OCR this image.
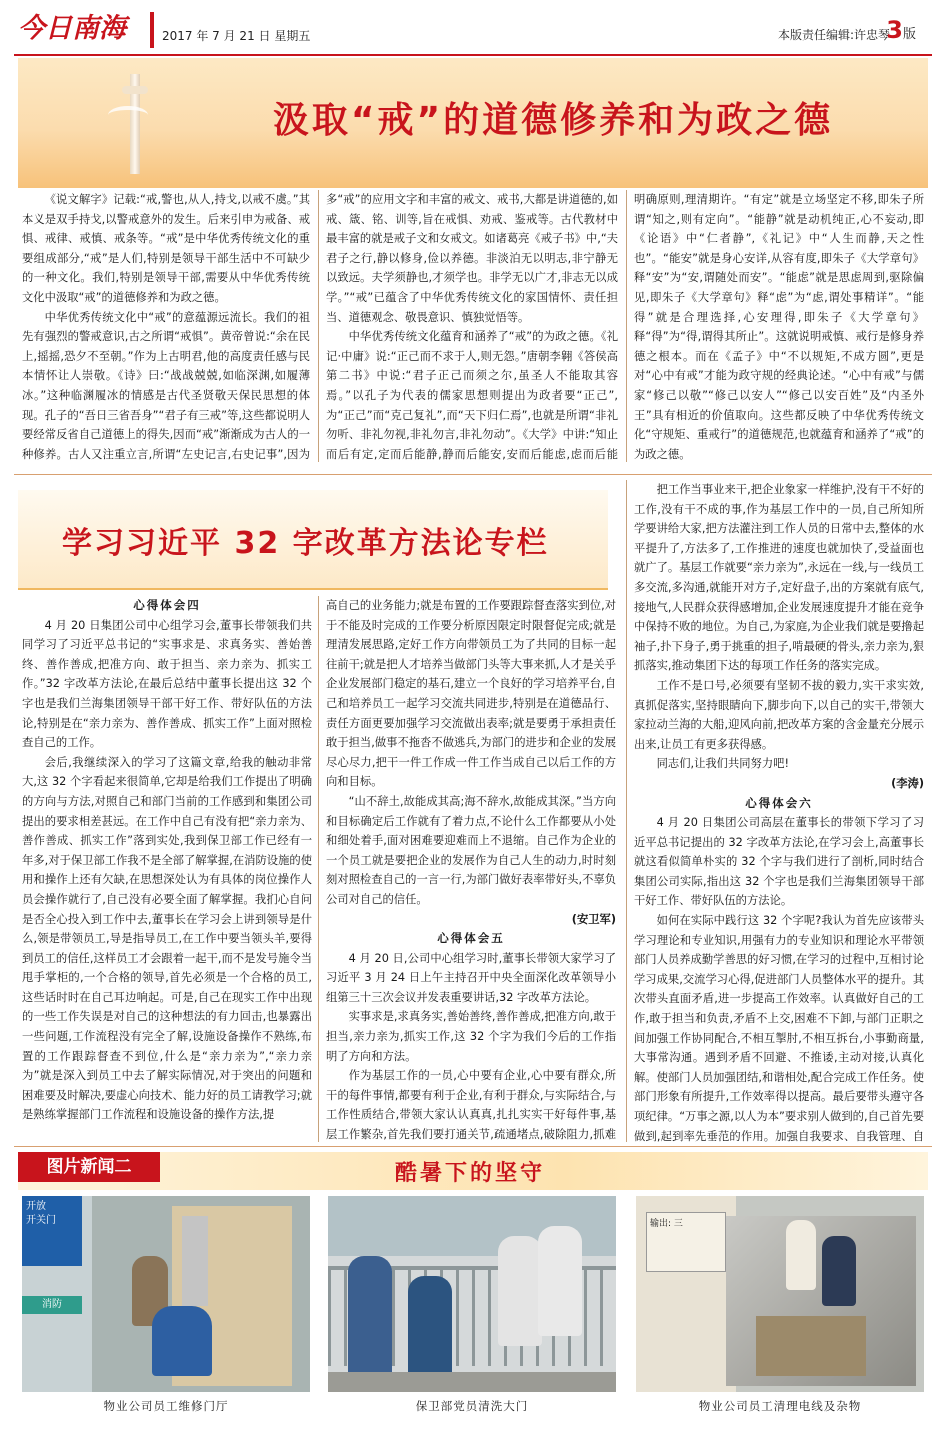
今日南海	2017 年 7 月 21 日 星期五	本版责任编辑:许忠琴
3版
汲取“戒”的道德修养和为政之德

《说文解字》记载:“戒,警也,从人,持戈,以戒不虞。”其本义是双手持戈,以警戒意外的发生。后来引申为戒备、戒惧、戒律、戒慎、戒条等。“戒”是中华优秀传统文化的重要组成部分,“戒”是人们,特别是领导干部生活中不可缺少的一种文化。我们,特别是领导干部,需要从中华优秀传统文化中汲取“戒”的道德修养和为政之德。

中华优秀传统文化中“戒”的意蕴源远流长。我们的祖先有强烈的警戒意识,古之所谓“戒惧”。黄帝曾说:“余在民上,摇摇,恐夕不至朝。”作为上古明君,他的高度责任感与民本情怀让人崇敬。《诗》曰:“战战兢兢,如临深渊,如履薄冰。”这种临渊履冰的情感是古代圣贤敬天保民思想的体现。孔子的“吾日三省吾身”“君子有三戒”等,这些都说明人要经常反省自己道德上的得失,因而“戒”渐渐成为古人的一种修养。古人又注重立言,所谓“左史记言,右史记事”,因为

多“戒”的应用文字和丰富的戒文、戒书,大都是讲道德的,如戒、箴、铭、训等,旨在戒惧、劝戒、鉴戒等。古代教材中最丰富的就是戒子文和女戒文。如诸葛亮《戒子书》中,“夫君子之行,静以修身,俭以养德。非淡泊无以明志,非宁静无以致远。夫学须静也,才须学也。非学无以广才,非志无以成学。”“戒”已蕴含了中华优秀传统文化的家国情怀、责任担当、道德观念、敬畏意识、慎独觉悟等。

中华优秀传统文化蕴育和涵养了“戒”的为政之德。《礼记·中庸》说:“正己而不求于人,则无怨。”唐朝李翱《答侯高第二书》中说:“君子正己而须之尔,虽圣人不能取其容焉。”以孔子为代表的儒家思想则提出为政者要“正己”,为“正己”而“克己复礼”,而“天下归仁焉”,也就是所谓“非礼勿听、非礼勿视,非礼勿言,非礼勿动”。《大学》中讲:“知止而后有定,定而后能静,静而后能安,安而后能虑,虑而后能

明确原则,理清期许。“有定”就是立场坚定不移,即朱子所谓“知之,则有定向”。“能静”就是动机纯正,心不妄动,即《论语》中“仁者静”,《礼记》中“人生而静,天之性也”。“能安”就是身心安详,从容有度,即朱子《大学章句》释“安”为“安,谓随处而安”。“能虑”就是思虑周到,驱除偏见,即朱子《大学章句》释“虑”为“虑,谓处事精详”。“能得”就是合理选择,心安理得,即朱子《大学章句》释“得”为“得,谓得其所止”。这就说明戒慎、戒行是修身养德之根本。而在《孟子》中“不以规矩,不成方圆”,更是对“心中有戒”才能为政守规的经典论述。“心中有戒”与儒家“修己以敬”“修己以安人”“修己以安百姓”及“内圣外王”具有相近的价值取向。这些都反映了中华优秀传统文化“守规矩、重戒行”的道德规范,也就蕴育和涵养了“戒”的为政之德。

学习习近平 32 字改革方法论专栏

心得体会四

4 月 20 日集团公司中心组学习会,董事长带领我们共同学习了习近平总书记的“实事求是、求真务实、善始善终、善作善成,把准方向、敢于担当、亲力亲为、抓实工作。”32 字改革方法论,在最后总结中董事长提出这 32 个字也是我们兰海集团领导干部干好工作、带好队伍的方法论,特别是在“亲力亲为、善作善成、抓实工作”上面对照检查自己的工作。

会后,我继续深入的学习了这篇文章,给我的触动非常大,这 32 个字看起来很简单,它却是给我们工作提出了明确的方向与方法,对照自己和部门当前的工作感到和集团公司提出的要求相差甚远。在工作中自己有没有把“亲力亲为、善作善成、抓实工作”落到实处,我到保卫部工作已经有一年多,对于保卫部工作我不是全部了解掌握,在消防设施的使用和操作上还有欠缺,在思想深处认为有具体的岗位操作人员会操作就行了,自己没有必要全面了解掌握。我扪心自问是否全心投入到工作中去,董事长在学习会上讲到领导是什么,领是带领员工,导是指导员工,在工作中要当领头羊,要得到员工的信任,这样员工才会跟着一起干,而不是发号施令当甩手掌柜的,一个合格的领导,首先必须是一个合格的员工,这些话时时在自己耳边响起。可是,自己在现实工作中出现的一些工作失误是对自己的这种想法的有力回击,也暴露出一些问题,工作流程没有完全了解,设施设备操作不熟练,布置的工作跟踪督查不到位,什么是“亲力亲为”,“亲力亲为”就是深入到员工中去了解实际情况,对于突出的问题和困难要及时解决,要虚心向技术、能力好的员工请教学习;就是熟练掌握部门工作流程和设施设备的操作方法,提

高自己的业务能力;就是布置的工作要跟踪督查落实到位,对于不能及时完成的工作要分析原因限定时限督促完成;就是理清发展思路,定好工作方向带领员工为了共同的目标一起往前干;就是把人才培养当做部门头等大事来抓,人才是关乎企业发展部门稳定的基石,建立一个良好的学习培养平台,自己和培养员工一起学习交流共同进步,特别是在道德品行、责任方面更要加强学习交流做出表率;就是要勇于承担责任敢于担当,做事不拖沓不做逃兵,为部门的进步和企业的发展尽心尽力,把干一件工作成一件工作当成自己以后工作的方向和目标。

“山不辞土,故能成其高;海不辞水,故能成其深。”当方向和目标确定后工作就有了着力点,不论什么工作都要从小处和细处着手,面对困难要迎难而上不退缩。自己作为企业的一个员工就是要把企业的发展作为自己人生的动力,时时刻刻对照检查自己的一言一行,为部门做好表率带好头,不辜负公司对自己的信任。

(安卫军)

心得体会五

4 月 20 日,公司中心组学习时,董事长带领大家学习了习近平 3 月 24 日上午主持召开中央全面深化改革领导小组第三十三次会议并发表重要讲话,32 字改革方法论。

实事求是,求真务实,善始善终,善作善成,把准方向,敢于担当,亲力亲为,抓实工作,这 32 个字为我们今后的工作指明了方向和方法。

作为基层工作的一员,心中要有企业,心中要有群众,所干的每件事情,都要有利于企业,有利于群众,与实际结合,与工作性质结合,带领大家认认真真,扎扎实实干好每件事,基层工作繁杂,首先我们要打通关节,疏通堵点,破除阻力,抓难

把工作当事业来干,把企业象家一样维护,没有干不好的工作,没有干不成的事,作为基层工作中的一员,自己所知所学要讲给大家,把方法灌注到工作人员的日常中去,整体的水平提升了,方法多了,工作推进的速度也就加快了,受益面也就广了。基层工作就要“亲力亲为”,永远在一线,与一线员工多交流,多沟通,就能开对方子,定好盘子,出的方案就有底气,接地气,人民群众获得感增加,企业发展速度提升才能在竞争中保持不败的地位。为自己,为家庭,为企业我们就是要撸起袖子,扑下身子,勇于挑重的担子,啃最硬的骨头,亲力亲为,狠抓落实,推动集团下达的每项工作任务的落实完成。

工作不是口号,必须要有坚韧不拔的毅力,实干求实效,真抓促落实,坚持眼睛向下,脚步向下,以自己的实干,带领大家拉动兰海的大船,迎风向前,把改革方案的含金量充分展示出来,让员工有更多获得感。

同志们,让我们共同努力吧!

(李涛)

心得体会六

4 月 20 日集团公司高层在董事长的带领下学习了习近平总书记提出的 32 字改革方法论,在学习会上,高董事长就这看似简单朴实的 32 个字与我们进行了剖析,同时结合集团公司实际,指出这 32 个字也是我们兰海集团领导干部干好工作、带好队伍的方法论。

如何在实际中践行这 32 个字呢?我认为首先应该带头学习理论和专业知识,用强有力的专业知识和理论水平带领部门人员养成勤学善思的好习惯,在学习的过程中,互相讨论学习成果,交流学习心得,促进部门人员整体水平的提升。其次带头直面矛盾,进一步提高工作效率。认真做好自己的工作,敢于担当和负责,矛盾不上交,困难不下卸,与部门正职之间加强工作协同配合,不相互掣肘,不相互拆台,小事勤商量,大事常沟通。遇到矛盾不回避、不推诿,主动对接,认真化解。使部门人员加强团结,和谐相处,配合完成工作任务。使部门形象有所提升,工作效率得以提高。最后要带头遵守各项纪律。“万事之源,以人为本”要求别人做到的,自己首先要做到,起到率先垂范的作用。加强自我要求、自我管理、自

图片新闻二	酷暑下的坚守
开放
开关门
消防
物业公司员工维修门厅	保卫部党员清洗大门
输出: 三
物业公司员工清理电线及杂物
